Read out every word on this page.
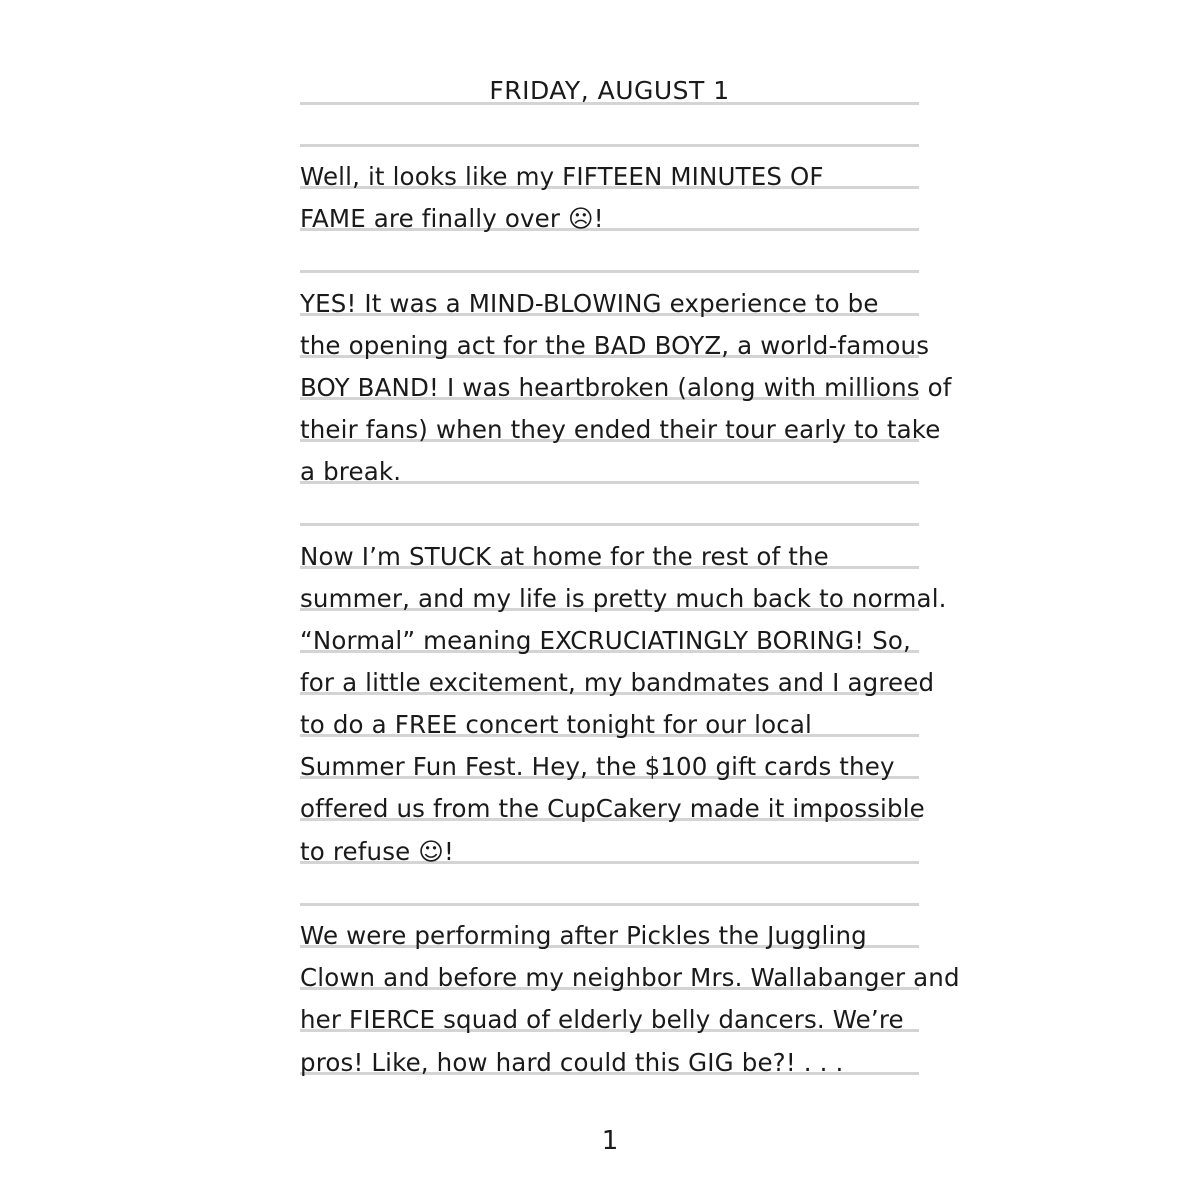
FRIDAY, AUGUST 1
Well, it looks like my FIFTEEN MINUTES OF
FAME are finally over ☹!
YES! It was a MIND-BLOWING experience to be
the opening act for the BAD BOYZ, a world-famous
BOY BAND! I was heartbroken (along with millions of
their fans) when they ended their tour early to take
a break.
Now I’m STUCK at home for the rest of the
summer, and my life is pretty much back to normal.
“Normal” meaning EXCRUCIATINGLY BORING! So,
for a little excitement, my bandmates and I agreed
to do a FREE concert tonight for our local
Summer Fun Fest. Hey, the $100 gift cards they
offered us from the CupCakery made it impossible
to refuse ☺!
We were performing after Pickles the Juggling
Clown and before my neighbor Mrs. Wallabanger and
her FIERCE squad of elderly belly dancers. We’re
pros! Like, how hard could this GIG be?! . . .
1
